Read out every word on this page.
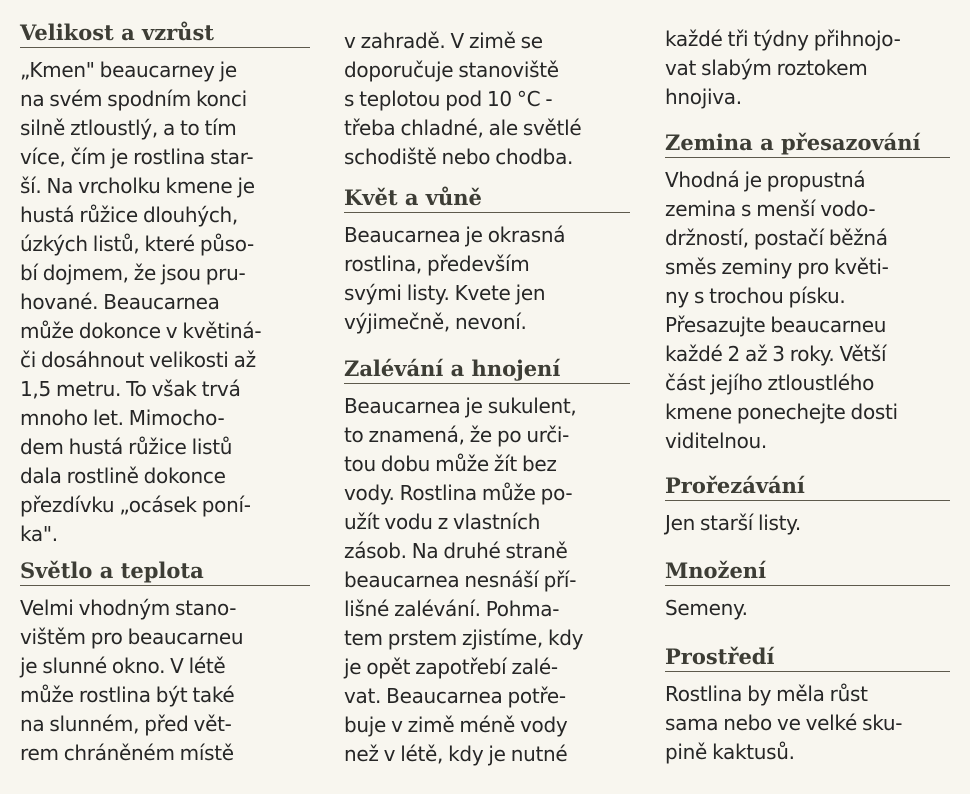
Velikost a vzrůst

„Kmen" beaucarney je
na svém spodním konci
silně ztloustlý, a to tím
více, čím je rostlina star-
ší. Na vrcholku kmene je
hustá růžice dlouhých,
úzkých listů, které půso-
bí dojmem, že jsou pru-
hované. Beaucarnea
může dokonce v květiná-
či dosáhnout velikosti až
1,5 metru. To však trvá
mnoho let. Mimocho-
dem hustá růžice listů
dala rostlině dokonce
přezdívku „ocásek poní-
ka".

Světlo a teplota

Velmi vhodným stano-
vištěm pro beaucarneu
je slunné okno. V létě
může rostlina být také
na slunném, před vět-
rem chráněném místě

v zahradě. V zimě se
doporučuje stanoviště
s teplotou pod 10 °C -
třeba chladné, ale světlé
schodiště nebo chodba.

Květ a vůně

Beaucarnea je okrasná
rostlina, především
svými listy. Kvete jen
výjimečně, nevoní.

Zalévání a hnojení

Beaucarnea je sukulent,
to znamená, že po urči-
tou dobu může žít bez
vody. Rostlina může po-
užít vodu z vlastních
zásob. Na druhé straně
beaucarnea nesnáší pří-
lišné zalévání. Pohma-
tem prstem zjistíme, kdy
je opět zapotřebí zalé-
vat. Beaucarnea potře-
buje v zimě méně vody
než v létě, kdy je nutné

každé tři týdny přihnojo-
vat slabým roztokem
hnojiva.

Zemina a přesazování

Vhodná je propustná
zemina s menší vodo-
držností, postačí běžná
směs zeminy pro květi-
ny s trochou písku.
Přesazujte beaucarneu
každé 2 až 3 roky. Větší
část jejího ztloustlého
kmene ponechejte dosti
viditelnou.

Prořezávání

Jen starší listy.

Množení

Semeny.

Prostředí

Rostlina by měla růst
sama nebo ve velké sku-
pině kaktusů.
